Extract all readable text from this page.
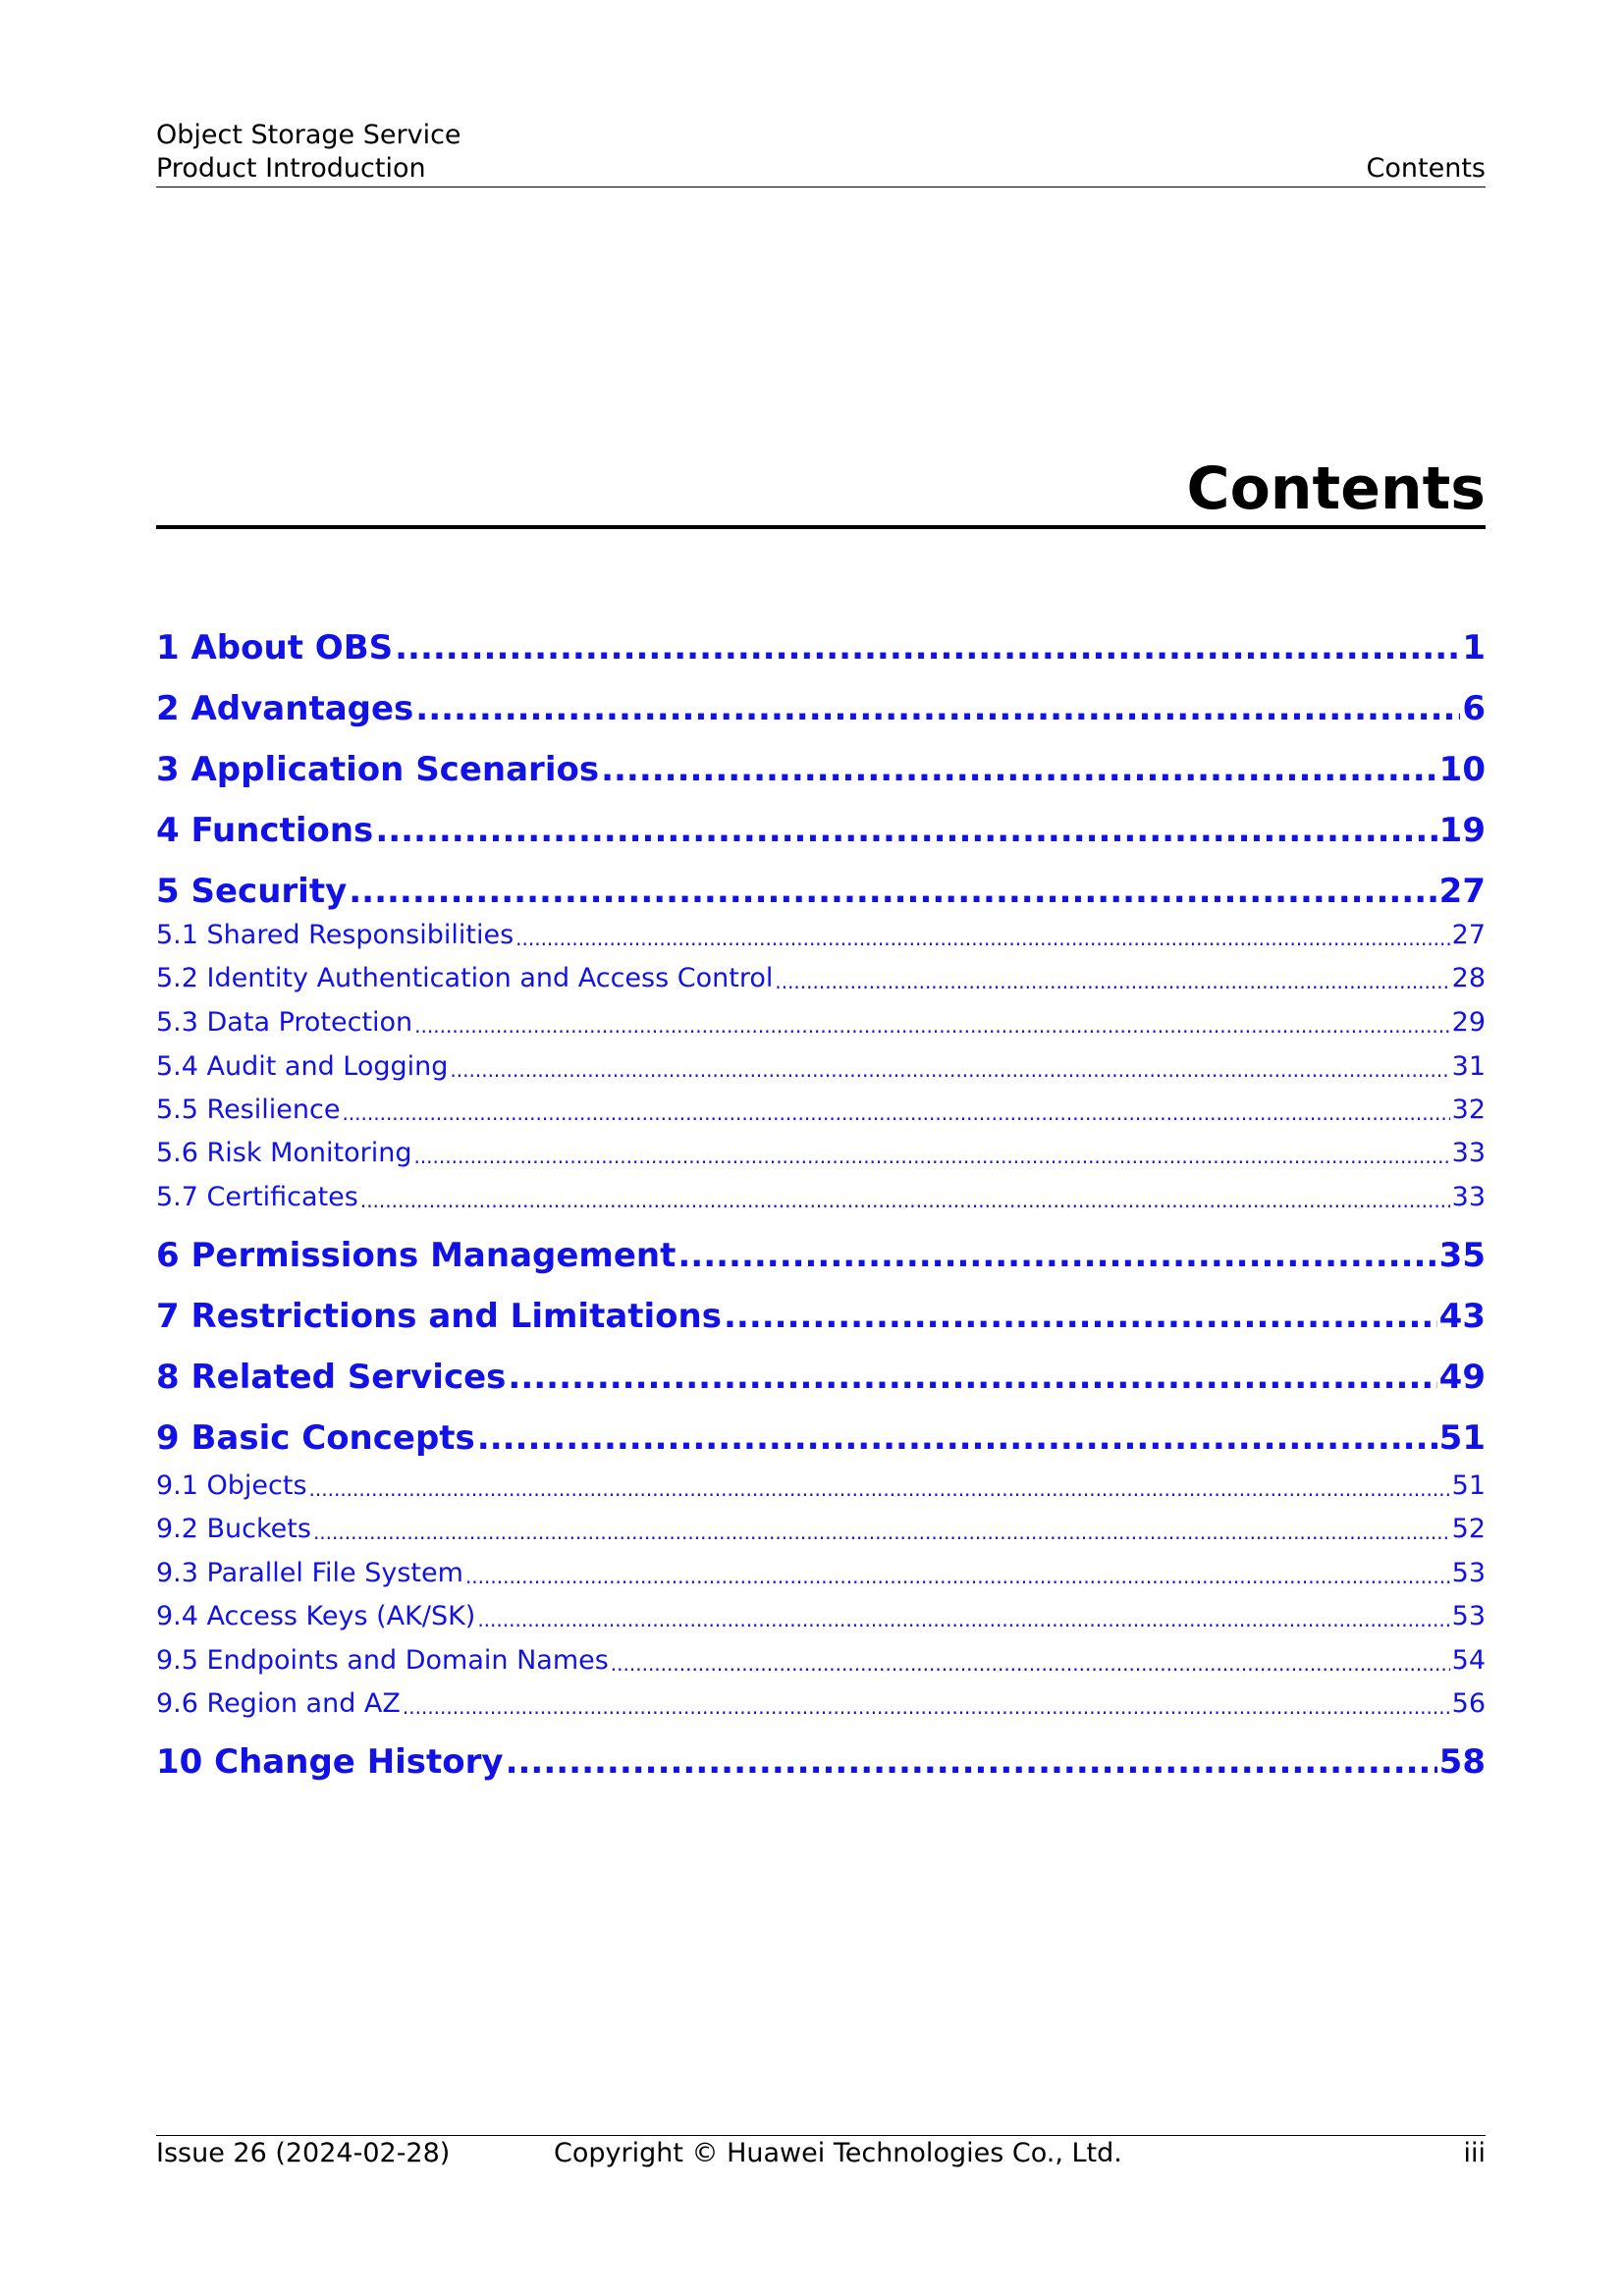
Object Storage Service
Product Introduction	Contents
Contents
1 About OBS .....	1
2 Advantages .....	6
3 Application Scenarios .....	10
4 Functions .....	19
5 Security .....	27
5.1 Shared Responsibilities .....	27
5.2 Identity Authentication and Access Control .....	28
5.3 Data Protection .....	29
5.4 Audit and Logging .....	31
5.5 Resilience .....	32
5.6 Risk Monitoring .....	33
5.7 Certificates .....	33
6 Permissions Management .....	35
7 Restrictions and Limitations .....	43
8 Related Services .....	49
9 Basic Concepts .....	51
9.1 Objects .....	51
9.2 Buckets .....	52
9.3 Parallel File System .....	53
9.4 Access Keys (AK/SK) .....	53
9.5 Endpoints and Domain Names .....	54
9.6 Region and AZ .....	56
10 Change History .....	58
Issue 26 (2024-02-28)	Copyright © Huawei Technologies Co., Ltd.	iii
